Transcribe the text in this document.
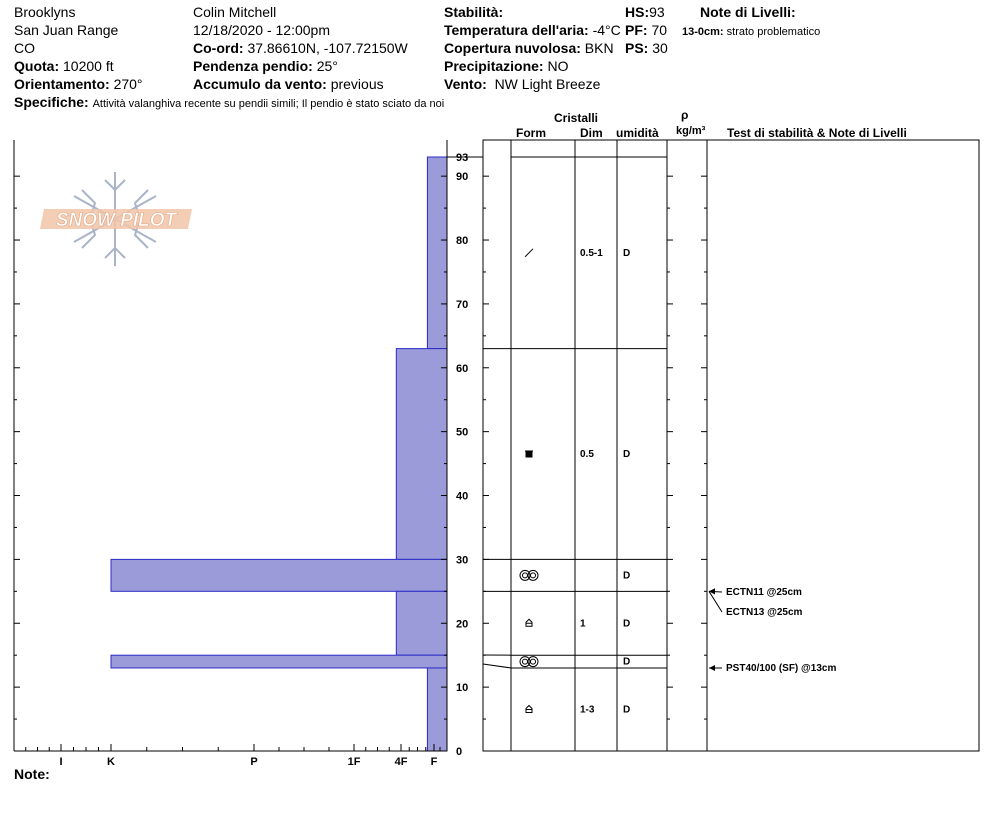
Brooklyns
San Juan Range
CO
Quota: 10200 ft
Orientamento: 270°
Colin Mitchell
12/18/2020 - 12:00pm
Co-ord: 37.86610N, -107.72150W
Pendenza pendio: 25°
Accumulo da vento: previous
Stabilità:
Temperatura dell'aria: -4°C
Copertura nuvolosa: BKN
Precipitazione: NO
Vento: NW Light Breeze
HS:93
PF: 70
PS: 30
Note di Livelli:
13-0cm: strato problematico
Specifiche: Attività valanghiva recente su pendii simili; Il pendio è stato sciato da noi
Cristalli
Form	Dim umidità
ρ
kg/m³ Test di stabilità & Note di Livelli
Note:
SNOW PILOT
I	K	P	1F	4F F
0
10
20
30
40
50
60
70
80
90
93
0.5-1 D
0.5	D
D
1	D
D
1-3	D
ECTN11 @25cm
ECTN13 @25cm
PST40/100 (SF) @13cm
